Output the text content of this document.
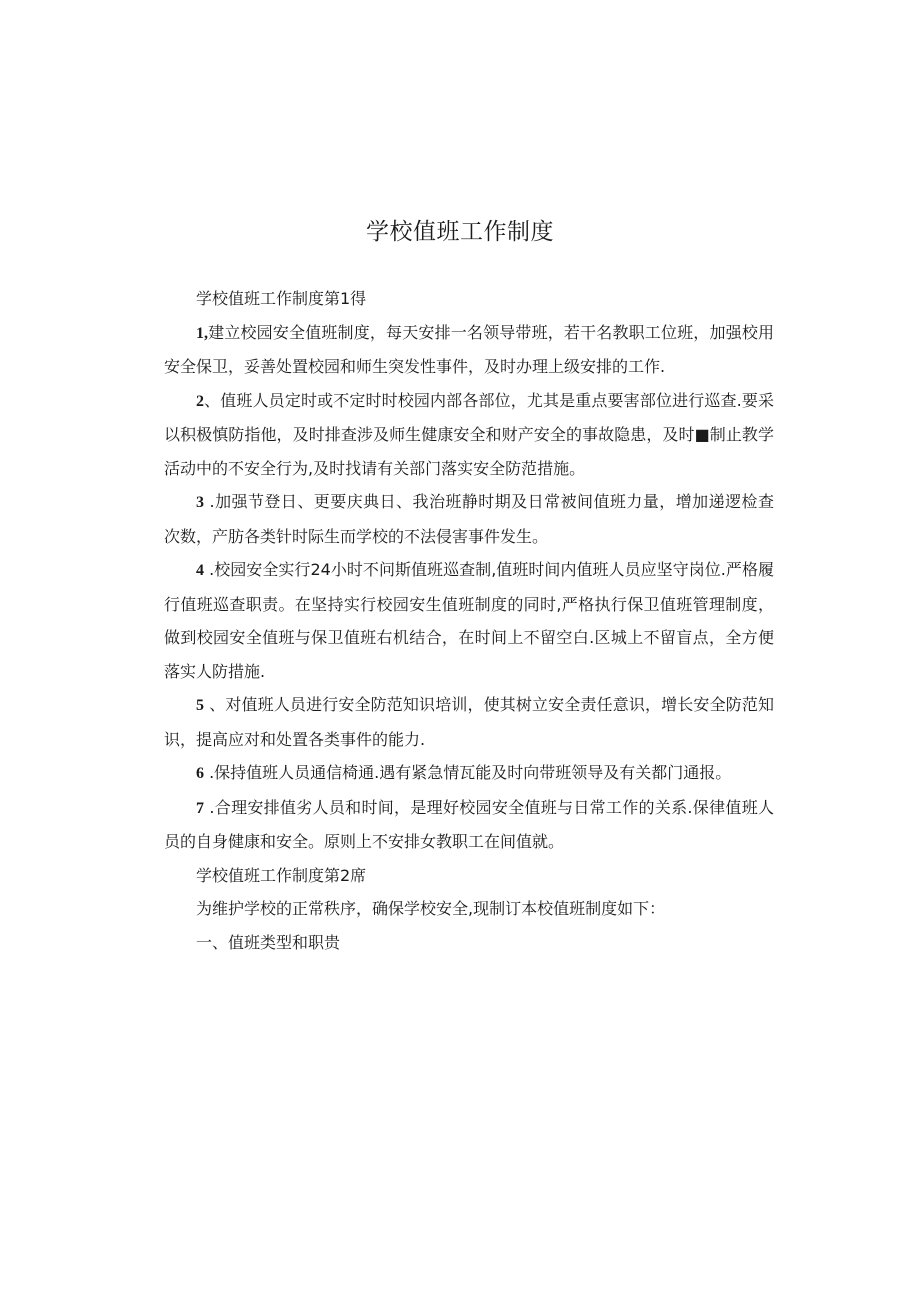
学校值班工作制度

学校值班工作制度第1得

1,建立校园安全值班制度，每天安排一名领导带班，若干名教职工位班，加强校用安全保卫，妥善处置校园和师生突发性事件，及时办理上级安排的工作.

2、值班人员定时或不定时时校园内部各部位，尤其是重点要害部位进行巡查.要采以积极慎防指他，及时排查涉及师生健康安全和财产安全的事故隐患，及时■制止教学活动中的不安全行为,及时找请有关部门落实安全防范措施。

3 .加强节登日、更要庆典日、我治班静时期及日常被间值班力量，增加递逻检查次数，产肪各类针时际生而学校的不法侵害事件发生。

4 .校园安全实行24小时不问斯值班巡查制,值班时间内值班人员应坚守岗位.严格履行值班巡查职责。在坚持实行校园安生值班制度的同时,严格执行保卫值班管理制度，做到校园安全值班与保卫值班右机结合，在时间上不留空白.区城上不留盲点，全方便落实人防措施.

5 、对值班人员进行安全防范知识培训，使其树立安全责任意识，增长安全防范知识，提高应对和处置各类事件的能力.

6 .保持值班人员通信椅通.遇有紧急情瓦能及时向带班领导及有关都门通报。

7 .合理安排值劣人员和时间，是理好校园安全值班与日常工作的关系.保律值班人员的自身健康和安全。原则上不安排女教职工在间值就。

学校值班工作制度第2席

为维护学校的正常秩序，确保学校安全,现制订本校值班制度如下：

一、值班类型和职贵
